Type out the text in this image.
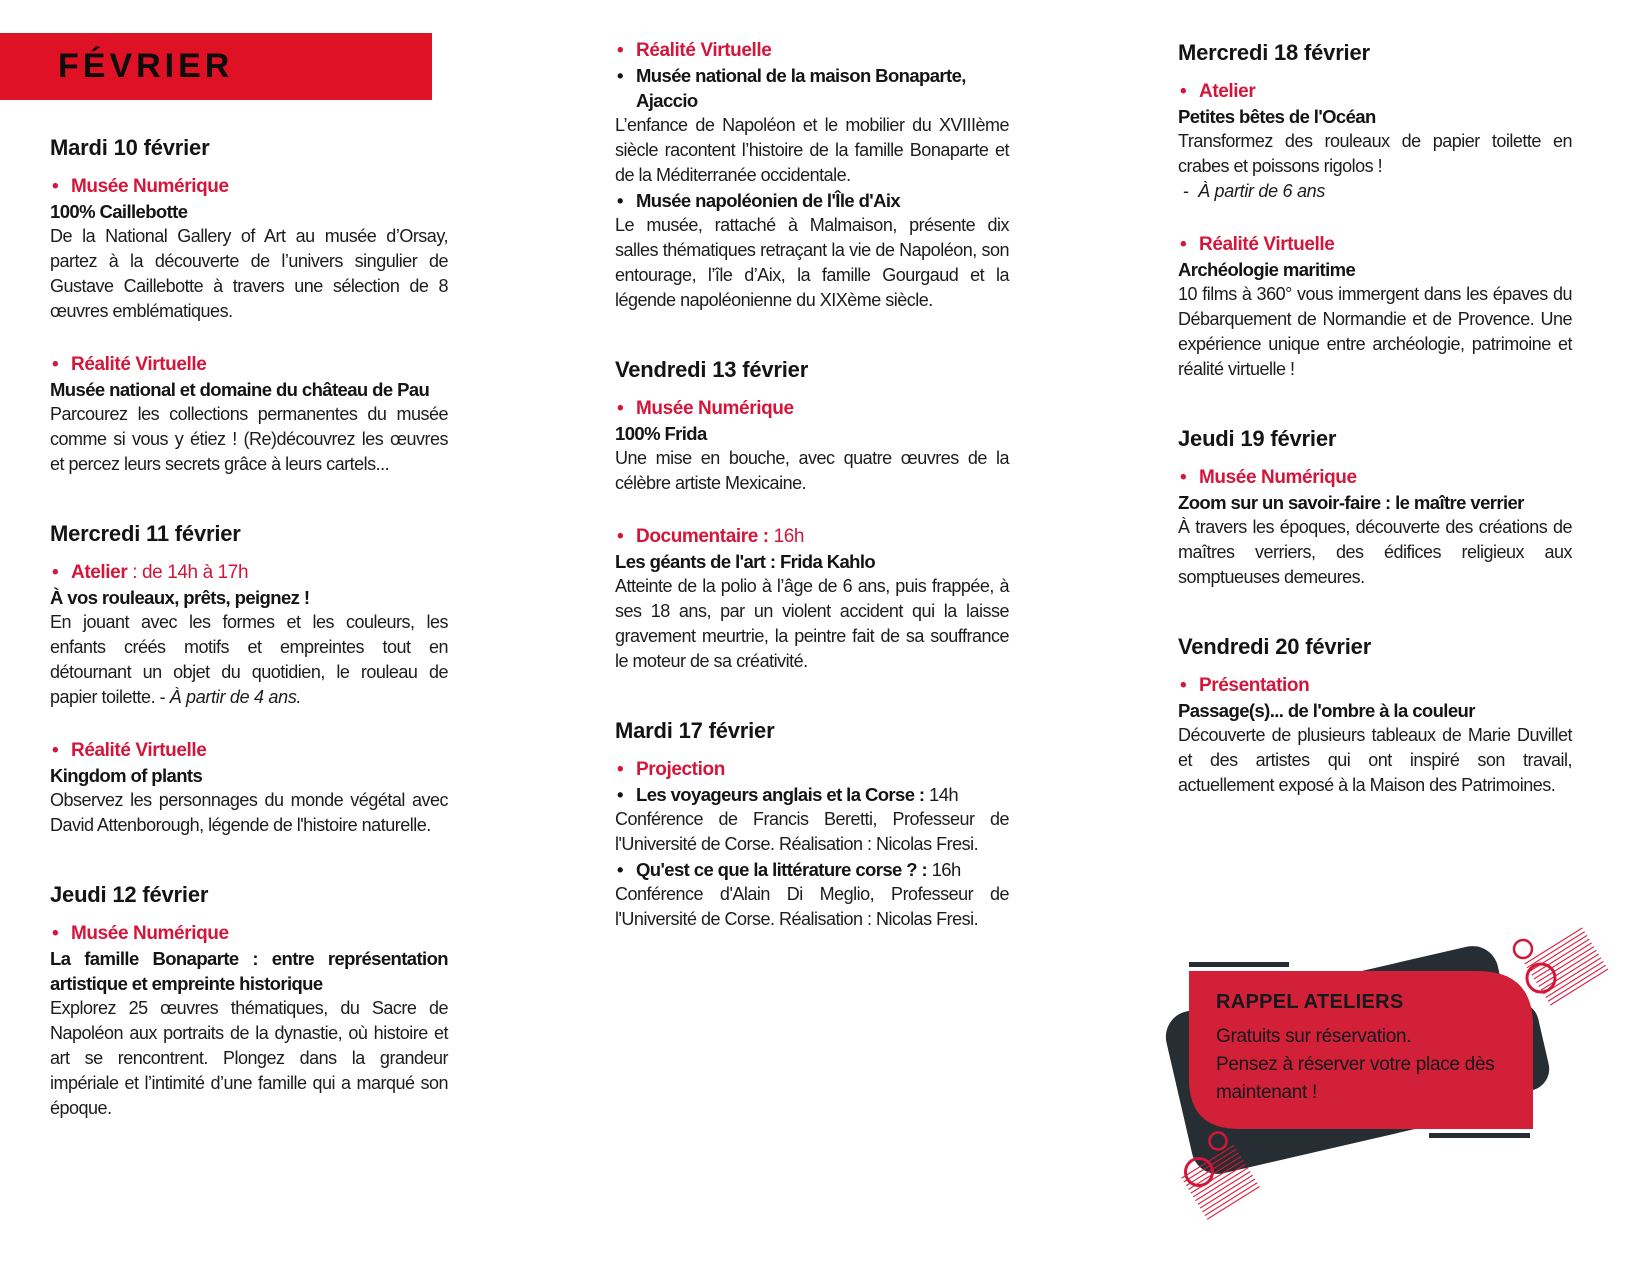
FÉVRIER
Mardi 10 février
• Musée Numérique
100% Caillebotte

De la National Gallery of Art au musée d’Orsay, partez à la découverte de l’univers singulier de Gustave Caillebotte à travers une sélection de 8 œuvres emblématiques.

• Réalité Virtuelle
Musée national et domaine du château de Pau

Parcourez les collections permanentes du musée comme si vous y étiez ! (Re)découvrez les œuvres et percez leurs secrets grâce à leurs cartels...

Mercredi 11 février
• Atelier : de 14h à 17h
À vos rouleaux, prêts, peignez !

En jouant avec les formes et les couleurs, les enfants créés motifs et empreintes tout en détournant un objet du quotidien, le rouleau de papier toilette. - À partir de 4 ans.

• Réalité Virtuelle
Kingdom of plants

Observez les personnages du monde végétal avec David Attenborough, légende de l'histoire naturelle.

Jeudi 12 février
• Musée Numérique
La famille Bonaparte : entre représentation artistique et empreinte historique

Explorez 25 œuvres thématiques, du Sacre de Napoléon aux portraits de la dynastie, où histoire et art se rencontrent. Plongez dans la grandeur impériale et l’intimité d’une famille qui a marqué son époque.

• Réalité Virtuelle
• Musée national de la maison Bonaparte, Ajaccio

L’enfance de Napoléon et le mobilier du XVIIIème siècle racontent l’histoire de la famille Bonaparte et de la Méditerranée occidentale.

• Musée napoléonien de l'Île d'Aix

Le musée, rattaché à Malmaison, présente dix salles thématiques retraçant la vie de Napoléon, son entourage, l’île d’Aix, la famille Gourgaud et la légende napoléonienne du XIXème siècle.

Vendredi 13 février
• Musée Numérique
100% Frida

Une mise en bouche, avec quatre œuvres de la célèbre artiste Mexicaine.

• Documentaire : 16h
Les géants de l'art : Frida Kahlo

Atteinte de la polio à l’âge de 6 ans, puis frappée, à ses 18 ans, par un violent accident qui la laisse gravement meurtrie, la peintre fait de sa souffrance le moteur de sa créativité.

Mardi 17 février
• Projection
• Les voyageurs anglais et la Corse : 14h

Conférence de Francis Beretti, Professeur de l'Université de Corse. Réalisation : Nicolas Fresi.

• Qu'est ce que la littérature corse ? : 16h

Conférence d'Alain Di Meglio, Professeur de l'Université de Corse. Réalisation : Nicolas Fresi.

Mercredi 18 février
• Atelier
Petites bêtes de l'Océan

Transformez des rouleaux de papier toilette en crabes et poissons rigolos !

-  À partir de 6 ans
• Réalité Virtuelle
Archéologie maritime

10 films à 360° vous immergent dans les épaves du Débarquement de Normandie et de Provence. Une expérience unique entre archéologie, patrimoine et réalité virtuelle !

Jeudi 19 février
• Musée Numérique
Zoom sur un savoir-faire : le maître verrier

À travers les époques, découverte des créations de maîtres verriers, des édifices religieux aux somptueuses demeures.

Vendredi 20 février
• Présentation
Passage(s)... de l'ombre à la couleur

Découverte de plusieurs tableaux de Marie Duvillet et des artistes qui ont inspiré son travail, actuellement exposé à la Maison des Patrimoines.

RAPPEL ATELIERS
Gratuits sur réservation.
Pensez à réserver votre place dès
maintenant !
